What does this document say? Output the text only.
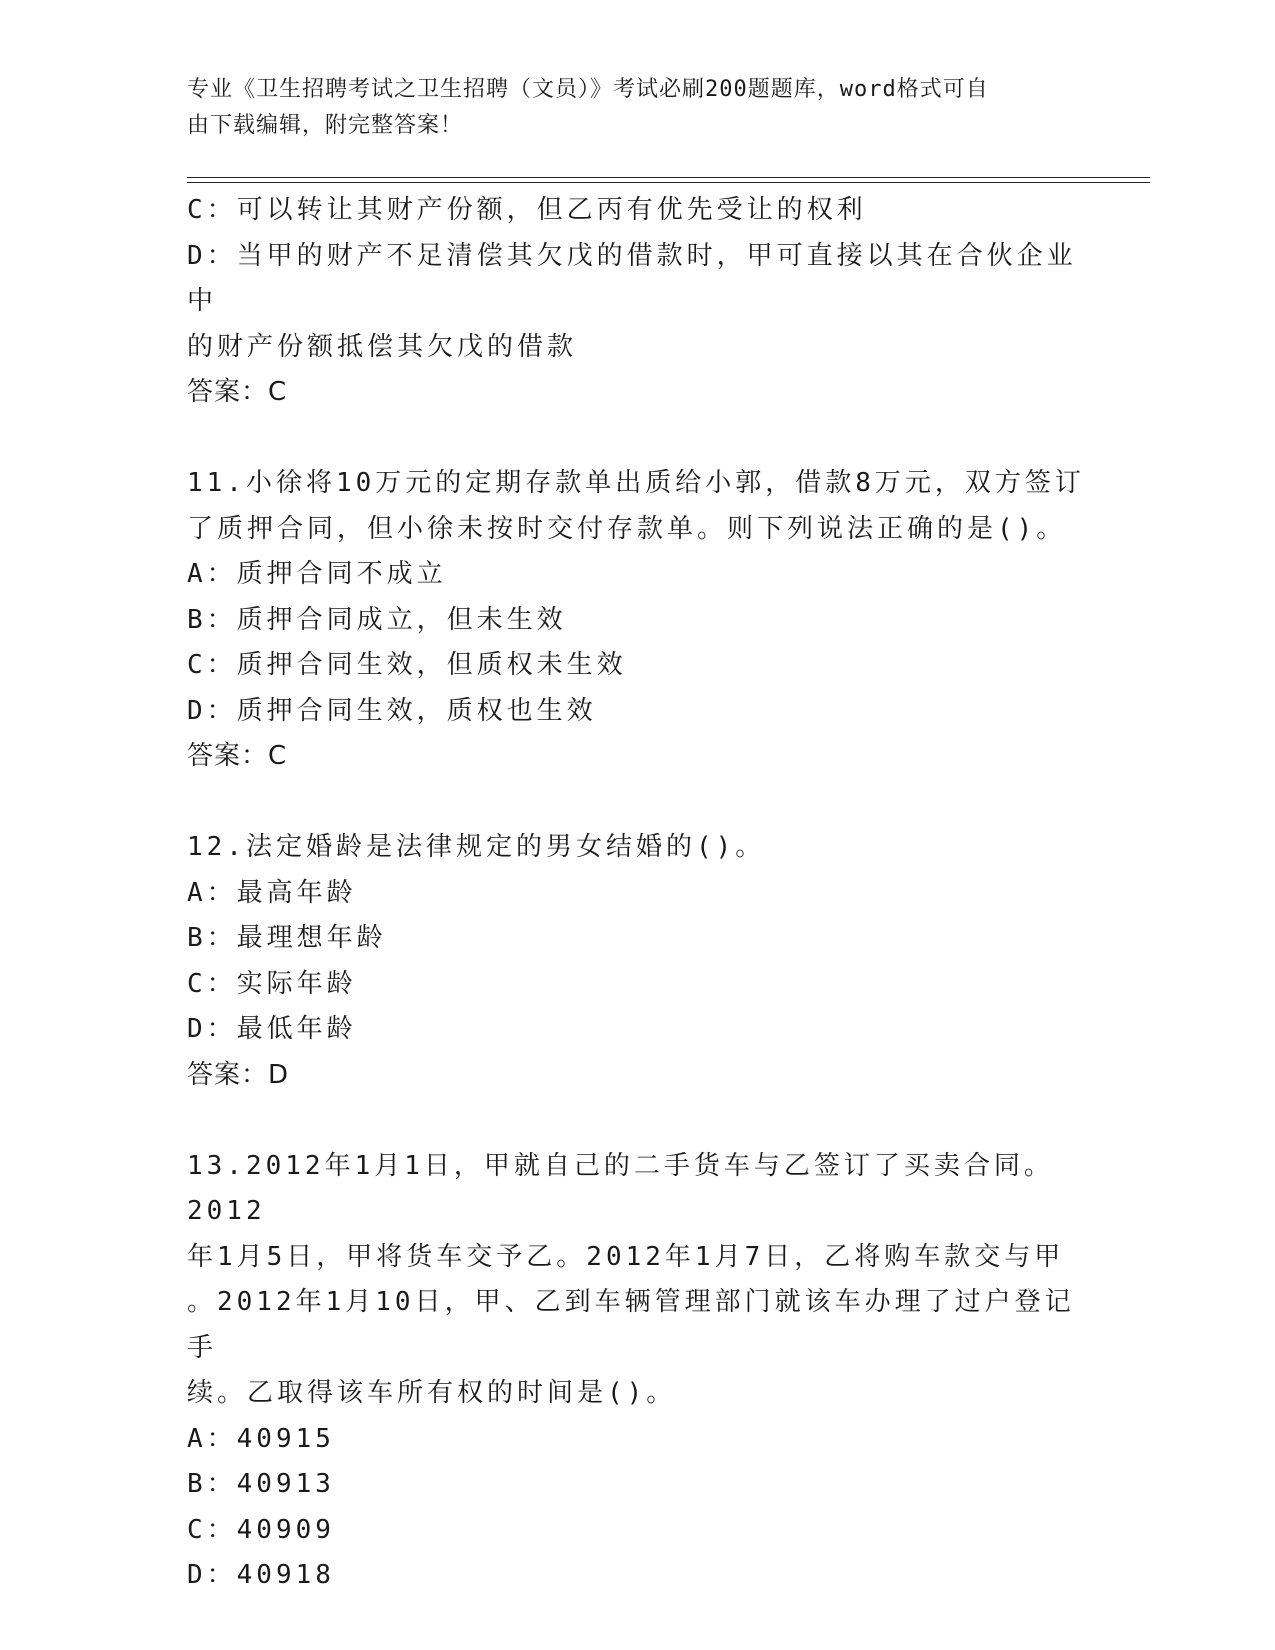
专业《卫生招聘考试之卫生招聘（文员）》考试必刷200题题库，word格式可自
由下载编辑，附完整答案！
C：可以转让其财产份额，但乙丙有优先受让的权利
D：当甲的财产不足清偿其欠戊的借款时，甲可直接以其在合伙企业中
的财产份额抵偿其欠戊的借款
答案：C
11.小徐将10万元的定期存款单出质给小郭，借款8万元，双方签订
了质押合同，但小徐未按时交付存款单。则下列说法正确的是()。
A：质押合同不成立
B：质押合同成立，但未生效
C：质押合同生效，但质权未生效
D：质押合同生效，质权也生效
答案：C
12.法定婚龄是法律规定的男女结婚的()。
A：最高年龄
B：最理想年龄
C：实际年龄
D：最低年龄
答案：D
13.2012年1月1日，甲就自己的二手货车与乙签订了买卖合同。2012
年1月5日，甲将货车交予乙。2012年1月7日，乙将购车款交与甲
。2012年1月10日，甲、乙到车辆管理部门就该车办理了过户登记手
续。乙取得该车所有权的时间是()。
A：40915
B：40913
C：40909
D：40918
